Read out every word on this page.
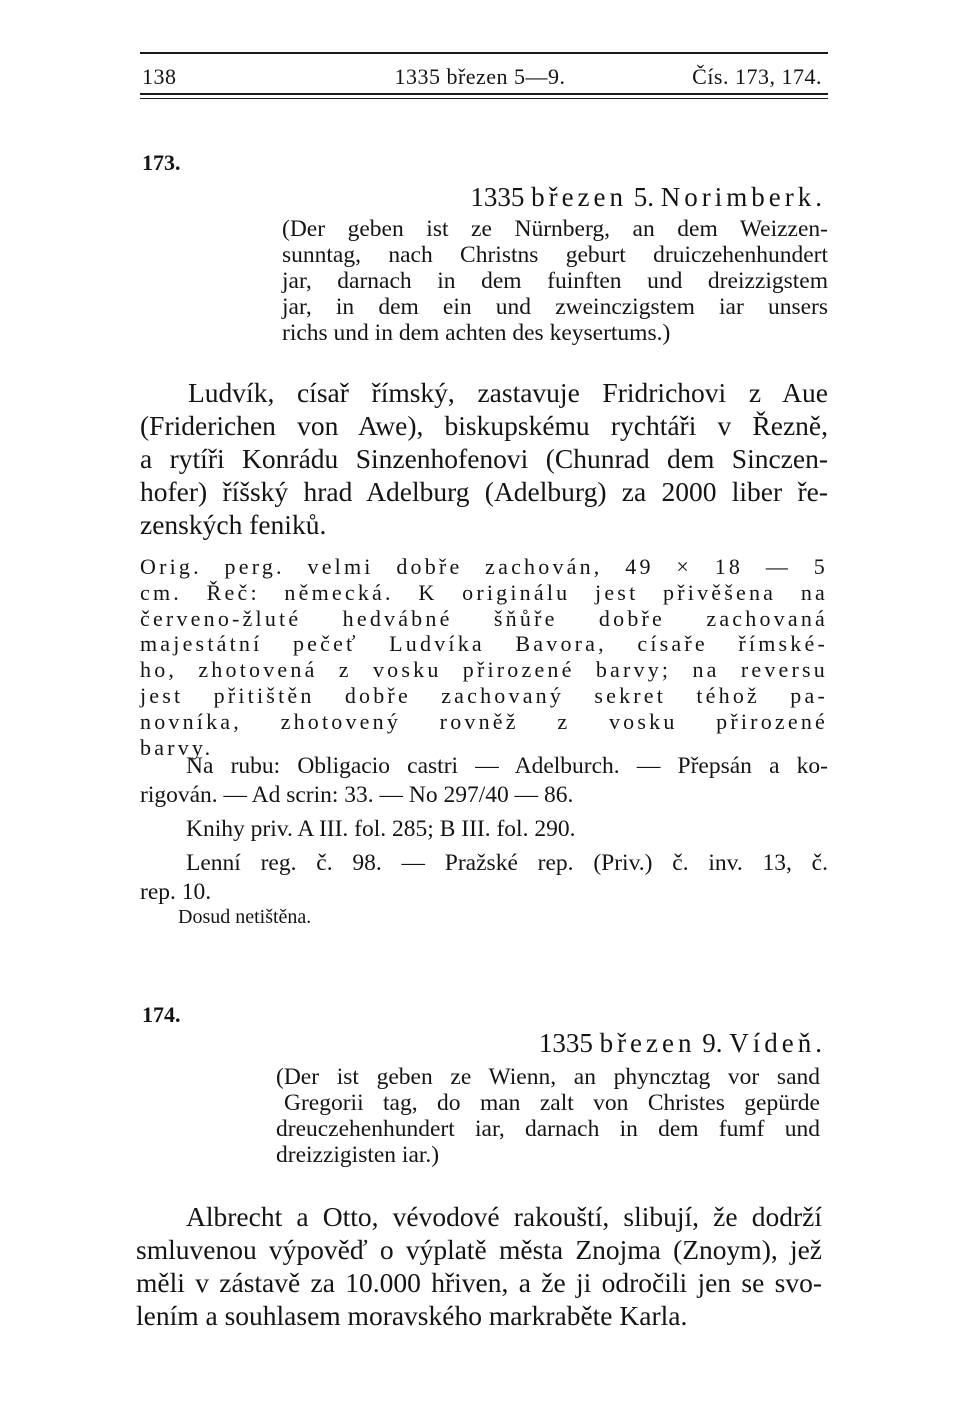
138	1335 březen 5—9.	Čís. 173, 174.
173.
1335 březen 5. Norimberk.
(Der geben ist ze Nürnberg, an dem Weizzen-
sunntag, nach Christns geburt druiczehenhundert
jar, darnach in dem fuinften und dreizzigstem
jar, in dem ein und zweinczigstem iar unsers
richs und in dem achten des keysertums.)
Ludvík, císař římský, zastavuje Fridrichovi z Aue
(Friderichen von Awe), biskupskému rychtáři v Řezně,
a rytíři Konrádu Sinzenhofenovi (Chunrad dem Sinczen-
hofer) říšský hrad Adelburg (Adelburg) za 2000 liber ře-
zenských feniků.
Orig. perg. velmi dobře zachován, 49 × 18 — 5
cm. Řeč: německá. K originálu jest přivěšena na
červeno-žluté hedvábné šňůře dobře zachovaná
majestátní pečeť Ludvíka Bavora, císaře římské-
ho, zhotovená z vosku přirozené barvy; na reversu
jest přitištěn dobře zachovaný sekret téhož pa-
novníka, zhotovený rovněž z vosku přirozené
barvy.
Na rubu: Obligacio castri — Adelburch. — Přepsán a ko-
rigován. — Ad scrin: 33. — No 297/40 — 86.
Knihy priv. A III. fol. 285; B III. fol. 290.
Lenní reg. č. 98. — Pražské rep. (Priv.) č. inv. 13, č.
rep. 10.
Dosud netištěna.
174.
1335 březen 9. Vídeň.
(Der ist geben ze Wienn, an phyncztag vor sand
Gregorii tag, do man zalt von Christes gepürde
dreuczehenhundert iar, darnach in dem fumf und
dreizzigisten iar.)
Albrecht a Otto, vévodové rakouští, slibují, že dodrží
smluvenou výpověď o výplatě města Znojma (Znoym), jež
měli v zástavě za 10.000 hřiven, a že ji odročili jen se svo-
lením a souhlasem moravského markraběte Karla.
